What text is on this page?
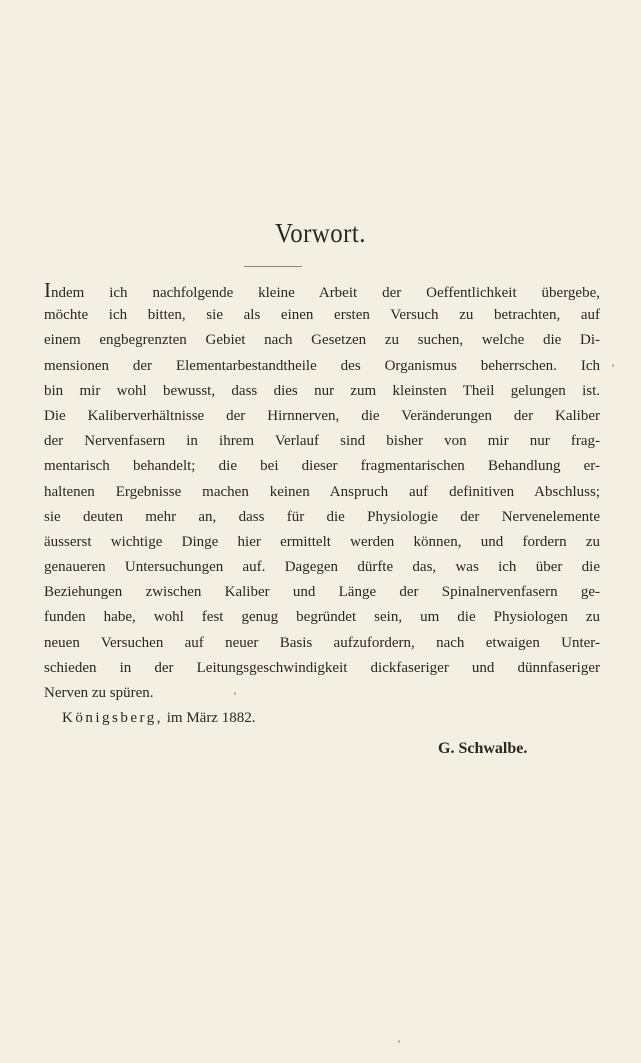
Vorwort.
Indem ich nachfolgende kleine Arbeit der Oeffentlichkeit übergebe,
möchte ich bitten, sie als einen ersten Versuch zu betrachten, auf
einem engbegrenzten Gebiet nach Gesetzen zu suchen, welche die Di-
mensionen der Elementarbestandtheile des Organismus beherrschen. Ich
bin mir wohl bewusst, dass dies nur zum kleinsten Theil gelungen ist.
Die Kaliberverhältnisse der Hirnnerven, die Veränderungen der Kaliber
der Nervenfasern in ihrem Verlauf sind bisher von mir nur frag-
mentarisch behandelt; die bei dieser fragmentarischen Behandlung er-
haltenen Ergebnisse machen keinen Anspruch auf definitiven Abschluss;
sie deuten mehr an, dass für die Physiologie der Nervenelemente
äusserst wichtige Dinge hier ermittelt werden können, und fordern zu
genaueren Untersuchungen auf. Dagegen dürfte das, was ich über die
Beziehungen zwischen Kaliber und Länge der Spinalnervenfasern ge-
funden habe, wohl fest genug begründet sein, um die Physiologen zu
neuen Versuchen auf neuer Basis aufzufordern, nach etwaigen Unter-
schieden in der Leitungsgeschwindigkeit dickfaseriger und dünnfaseriger
Nerven zu spüren.
Königsberg, im März 1882.
G. Schwalbe.
